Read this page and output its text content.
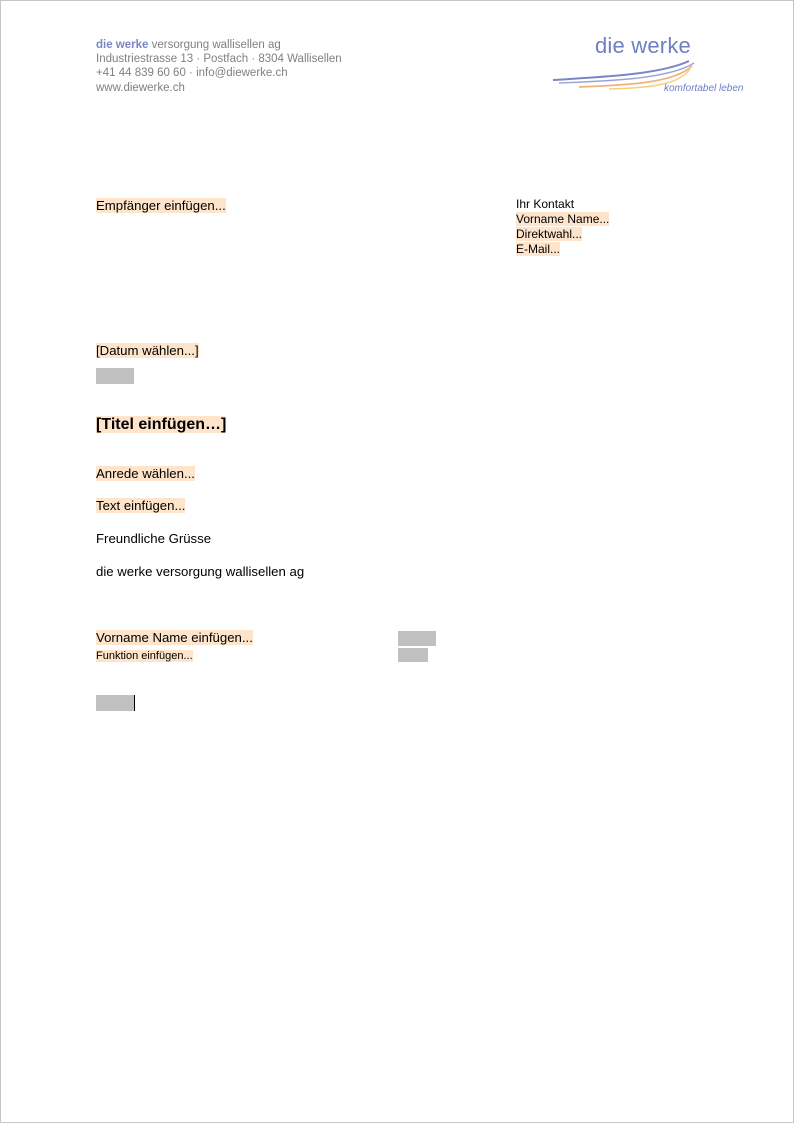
die werke versorgung wallisellen ag
Industriestrasse 13 · Postfach · 8304 Wallisellen
+41 44 839 60 60 · info@diewerke.ch
www.diewerke.ch
die werke
komfortabel leben
Empfänger einfügen...	Ihr Kontakt
Vorname Name...
Direktwahl...
E-Mail...
[Datum wählen...]
[Titel einfügen…]
Anrede wählen...
Text einfügen...
Freundliche Grüsse
die werke versorgung wallisellen ag
Vorname Name einfügen...
Funktion einfügen...
